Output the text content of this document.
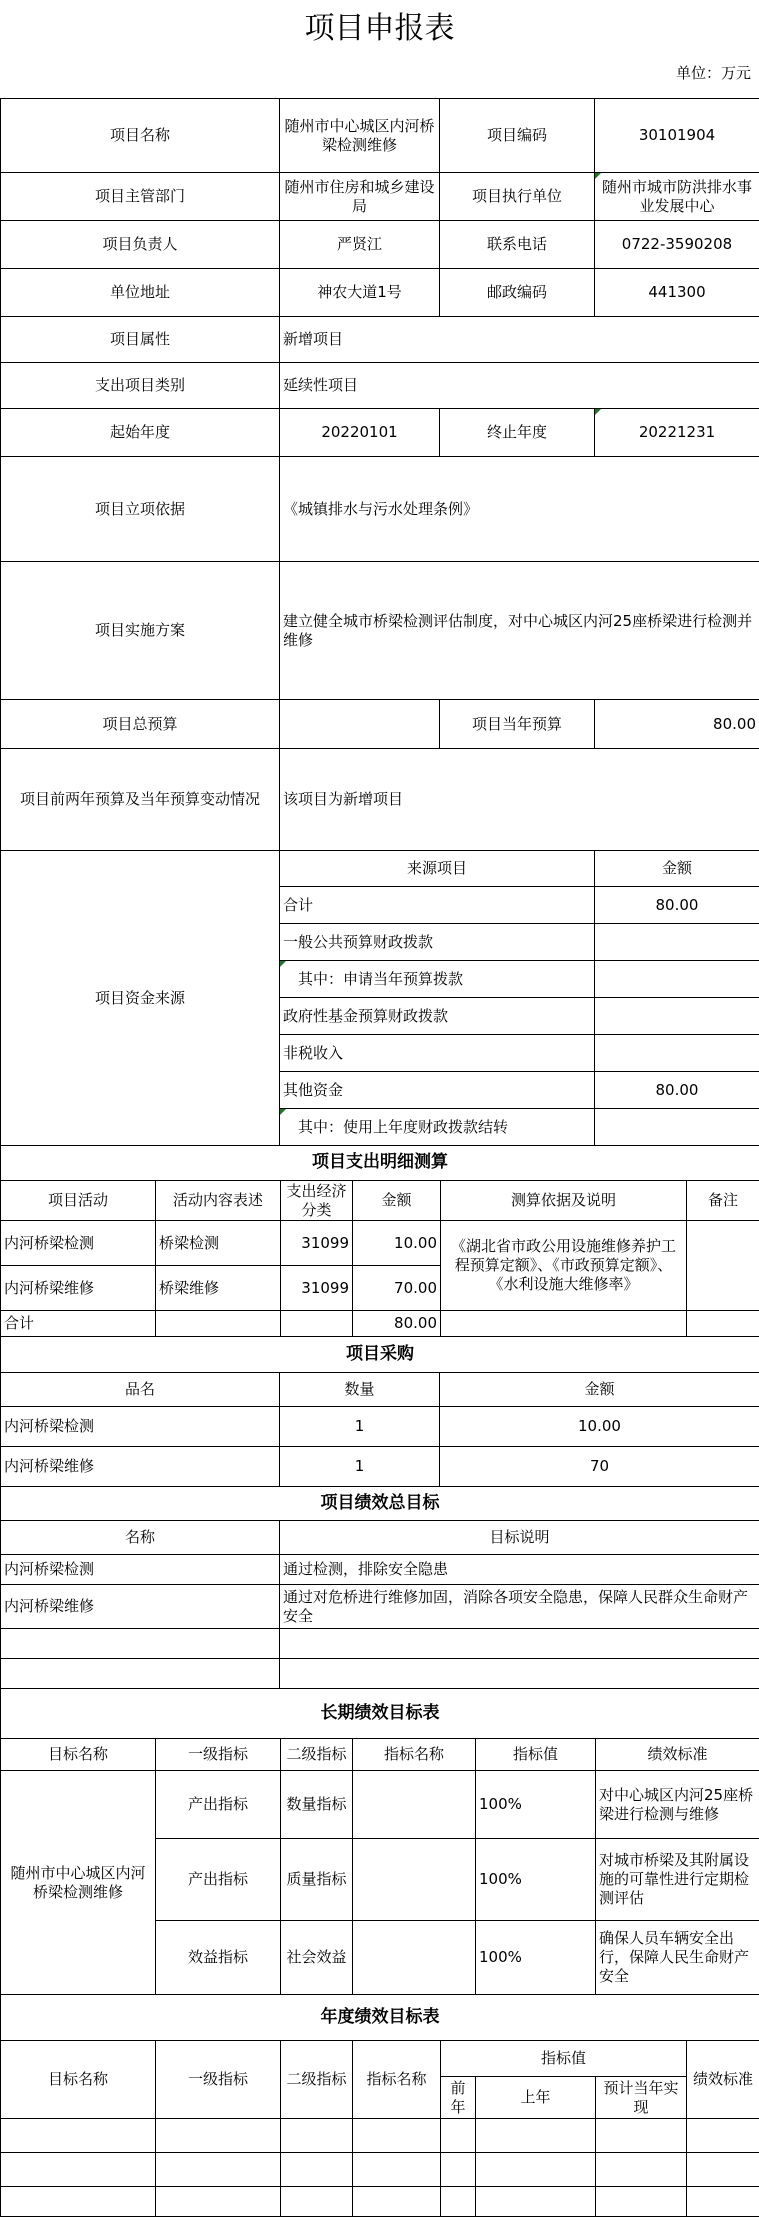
项目申报表
单位：万元
项目名称	随州市中心城区内河桥梁检测维修	项目编码	30101904
项目主管部门	随州市住房和城乡建设局	项目执行单位	随州市城市防洪排水事业发展中心
项目负责人	严贤江	联系电话	0722-3590208
单位地址	神农大道1号	邮政编码	441300
项目属性	新增项目		
支出项目类别	延续性项目		
起始年度	20220101	终止年度	20221231
项目立项依据	《城镇排水与污水处理条例》		
项目实施方案	建立健全城市桥梁检测评估制度，对中心城区内河25座桥梁进行检测并维修		
项目总预算		项目当年预算	80.00
项目前两年预算及当年预算变动情况	该项目为新增项目		
项目资金来源	来源项目	金额
	合计	80.00
	一般公共预算财政拨款	
	其中：申请当年预算拨款	
	政府性基金预算财政拨款	
	非税收入	
	其他资金	80.00
	其中：使用上年度财政拨款结转	
项目支出明细测算					
项目活动	活动内容表述	支出经济分类	金额	测算依据及说明	备注
内河桥梁检测	桥梁检测	31099	10.00	《湖北省市政公用设施维修养护工程预算定额》、《市政预算定额》、《水利设施大维修率》	
内河桥梁维修	桥梁维修	31099	70.00		
合计			80.00		
项目采购		
品名	数量	金额
内河桥梁检测	1	10.00
内河桥梁维修	1	70
项目绩效总目标	
名称	目标说明
内河桥梁检测	通过检测，排除安全隐患
内河桥梁维修	通过对危桥进行维修加固，消除各项安全隐患，保障人民群众生命财产安全

长期绩效目标表					
目标名称	一级指标	二级指标	指标名称	指标值	绩效标准
随州市中心城区内河桥梁检测维修	产出指标	数量指标		100%	对中心城区内河25座桥梁进行检测与维修
	产出指标	质量指标		100%	对城市桥梁及其附属设施的可靠性进行定期检测评估
	效益指标	社会效益		100%	确保人员车辆安全出行，保障人民生命财产安全
年度绩效目标表							
目标名称	一级指标	二级指标	指标名称	指标值			绩效标准
				前年	上年	预计当年实现	
